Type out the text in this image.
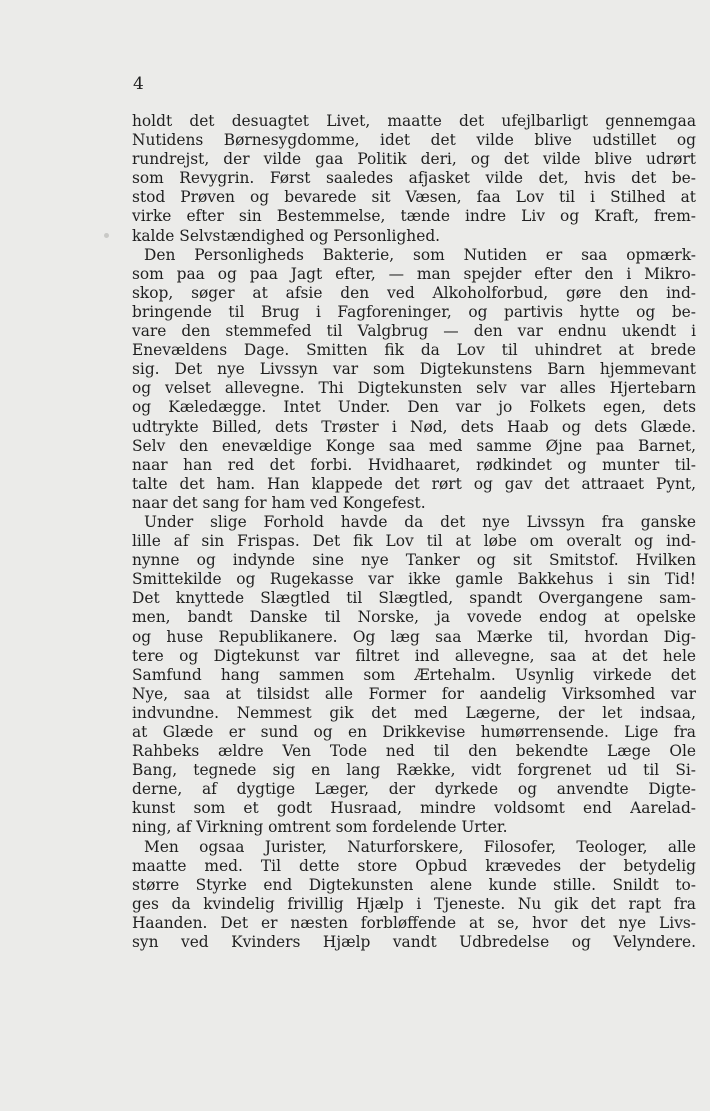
4

holdt det desuagtet Livet, maatte det ufejlbarligt gennemgaa
Nutidens Børnesygdomme, idet det vilde blive udstillet og
rundrejst, der vilde gaa Politik deri, og det vilde blive udrørt
som Revygrin. Først saaledes afjasket vilde det, hvis det be-
stod Prøven og bevarede sit Væsen, faa Lov til i Stilhed at
virke efter sin Bestemmelse, tænde indre Liv og Kraft, frem-
kalde Selvstændighed og Personlighed.
Den Personligheds Bakterie, som Nutiden er saa opmærk-
som paa og paa Jagt efter, — man spejder efter den i Mikro-
skop, søger at afsie den ved Alkoholforbud, gøre den ind-
bringende til Brug i Fagforeninger, og partivis hytte og be-
vare den stemmefed til Valgbrug — den var endnu ukendt i
Enevældens Dage. Smitten fik da Lov til uhindret at brede
sig. Det nye Livssyn var som Digtekunstens Barn hjemmevant
og velset allevegne. Thi Digtekunsten selv var alles Hjertebarn
og Kæledægge. Intet Under. Den var jo Folkets egen, dets
udtrykte Billed, dets Trøster i Nød, dets Haab og dets Glæde.
Selv den enevældige Konge saa med samme Øjne paa Barnet,
naar han red det forbi. Hvidhaaret, rødkindet og munter til-
talte det ham. Han klappede det rørt og gav det attraaet Pynt,
naar det sang for ham ved Kongefest.
Under slige Forhold havde da det nye Livssyn fra ganske
lille af sin Frispas. Det fik Lov til at løbe om overalt og ind-
nynne og indynde sine nye Tanker og sit Smitstof. Hvilken
Smittekilde og Rugekasse var ikke gamle Bakkehus i sin Tid!
Det knyttede Slægtled til Slægtled, spandt Overgangene sam-
men, bandt Danske til Norske, ja vovede endog at opelske
og huse Republikanere. Og læg saa Mærke til, hvordan Dig-
tere og Digtekunst var filtret ind allevegne, saa at det hele
Samfund hang sammen som Ærtehalm. Usynlig virkede det
Nye, saa at tilsidst alle Former for aandelig Virksomhed var
indvundne. Nemmest gik det med Lægerne, der let indsaa,
at Glæde er sund og en Drikkevise humørrensende. Lige fra
Rahbeks ældre Ven Tode ned til den bekendte Læge Ole
Bang, tegnede sig en lang Række, vidt forgrenet ud til Si-
derne, af dygtige Læger, der dyrkede og anvendte Digte-
kunst som et godt Husraad, mindre voldsomt end Aarelad-
ning, af Virkning omtrent som fordelende Urter.
Men ogsaa Jurister, Naturforskere, Filosofer, Teologer, alle
maatte med. Til dette store Opbud krævedes der betydelig
større Styrke end Digtekunsten alene kunde stille. Snildt to-
ges da kvindelig frivillig Hjælp i Tjeneste. Nu gik det rapt fra
Haanden. Det er næsten forbløffende at se, hvor det nye Livs-
syn ved Kvinders Hjælp vandt Udbredelse og Velyndere.
